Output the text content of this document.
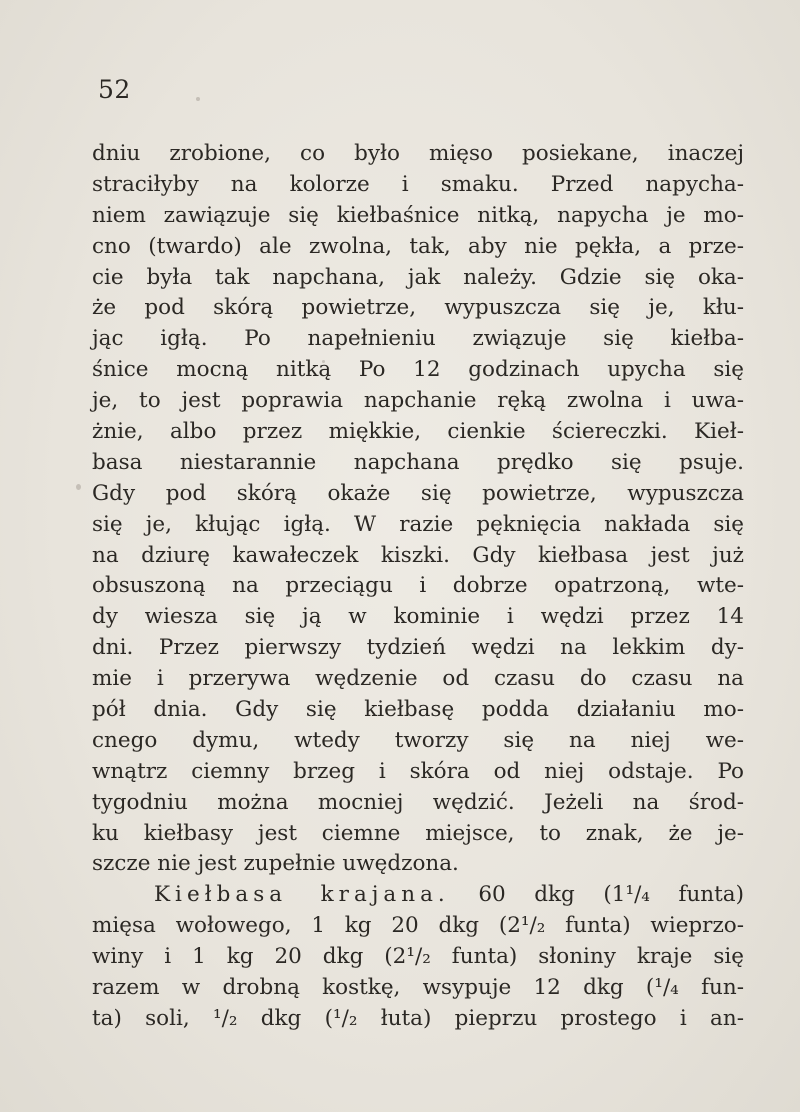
52
dniu zrobione, co było mięso posiekane, inaczej
straciłyby na kolorze i smaku. Przed napycha-
niem zawiązuje się kiełbaśnice nitką, napycha je mo-
cno (twardo) ale zwolna, tak, aby nie pękła, a prze-
cie była tak napchana, jak należy. Gdzie się oka-
że pod skórą powietrze, wypuszcza się je, kłu-
jąc igłą. Po napełnieniu związuje się kiełba-
śnice mocną nitką Po 12 godzinach upycha się
je, to jest poprawia napchanie ręką zwolna i uwa-
żnie, albo przez miękkie, cienkie ściereczki. Kieł-
basa niestarannie napchana prędko się psuje.
Gdy pod skórą okaże się powietrze, wypuszcza
się je, kłując igłą. W razie pęknięcia nakłada się
na dziurę kawałeczek kiszki. Gdy kiełbasa jest już
obsuszoną na przeciągu i dobrze opatrzoną, wte-
dy wiesza się ją w kominie i wędzi przez 14
dni. Przez pierwszy tydzień wędzi na lekkim dy-
mie i przerywa wędzenie od czasu do czasu na
pół dnia. Gdy się kiełbasę podda działaniu mo-
cnego dymu, wtedy tworzy się na niej we-
wnątrz ciemny brzeg i skóra od niej odstaje. Po
tygodniu można mocniej wędzić. Jeżeli na środ-
ku kiełbasy jest ciemne miejsce, to znak, że je-
szcze nie jest zupełnie uwędzona.
Kiełbasa krajana. 60 dkg (1¹/₄ funta)
mięsa wołowego, 1 kg 20 dkg (2¹/₂ funta) wieprzo-
winy i 1 kg 20 dkg (2¹/₂ funta) słoniny kraje się
razem w drobną kostkę, wsypuje 12 dkg (¹/₄ fun-
ta) soli, ¹/₂ dkg (¹/₂ łuta) pieprzu prostego i an-
